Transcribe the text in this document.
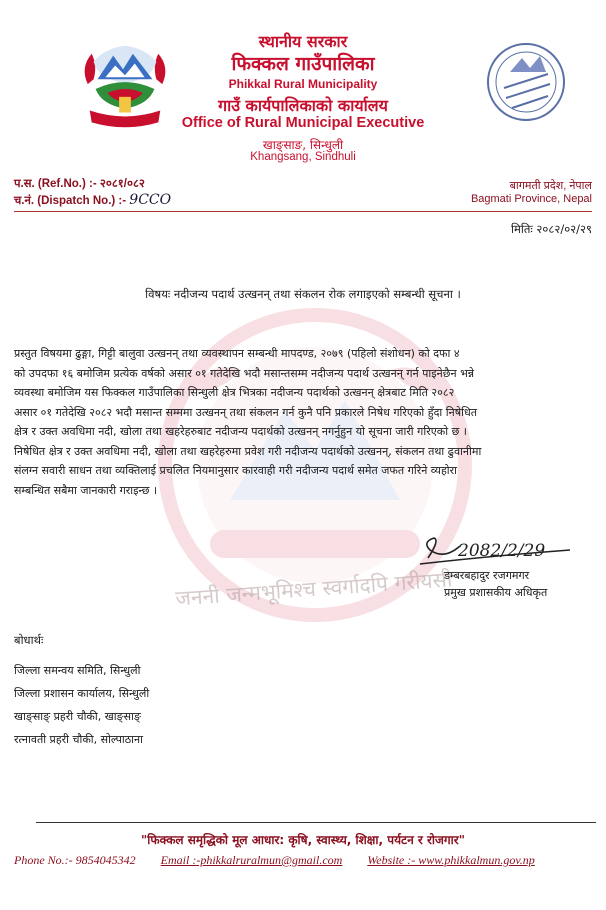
जननी जन्मभूमिश्च स्वर्गादपि गरीयसी
स्थानीय सरकार
फिक्कल गाउँपालिका
Phikkal Rural Municipality
गाउँ कार्यपालिकाको कार्यालय
Office of Rural Municipal Executive
खाङ्साङ, सिन्धुली
Khangsang, Sindhuli
प.स. (Ref.No.) :- २०८१/०८२
च.नं. (Dispatch No.) :- 9CCO
बागमती प्रदेश, नेपाल
Bagmati Province, Nepal
मितिः २०८२/०२/२९
विषयः नदीजन्य पदार्थ उत्खनन् तथा संकलन रोक लगाइएको सम्बन्धी सूचना ।
प्रस्तुत विषयमा ढुङ्गा, गिट्टी बालुवा उत्खनन् तथा व्यवस्थापन सम्बन्धी मापदण्ड, २०७९ (पहिलो संशोधन) को दफा ४
को उपदफा १६ बमोजिम प्रत्येक वर्षको असार ०१ गतेदेखि भदौ मसान्तसम्म नदीजन्य पदार्थ उत्खनन् गर्न पाइनेछैन भन्ने
व्यवस्था बमोजिम यस फिक्कल गाउँपालिका सिन्धुली क्षेत्र भित्रका नदीजन्य पदार्थको उत्खनन् क्षेत्रबाट मिति २०८२
असार ०१ गतेदेखि २०८२ भदौ मसान्त सम्ममा उत्खनन् तथा संकलन गर्न कुनै पनि प्रकारले निषेध गरिएको हुँदा निषेधित
क्षेत्र र उक्त अवधिमा नदी, खोला तथा खहरेहरुबाट नदीजन्य पदार्थको उत्खनन् नगर्नुहुन यो सूचना जारी गरिएको छ ।
निषेधित क्षेत्र र उक्त अवधिमा नदी, खोला तथा खहरेहरुमा प्रवेश गरी नदीजन्य पदार्थको उत्खनन्, संकलन तथा ढुवानीमा
संलग्न सवारी साधन तथा व्यक्तिलाई प्रचलित नियमानुसार कारवाही गरी नदीजन्य पदार्थ समेत जफत गरिने व्यहोरा
सम्बन्धित सबैमा जानकारी गराइन्छ ।
2082/2/29
डम्बरबहादुर रजगमगर
प्रमुख प्रशासकीय अधिकृत
बोधार्थः
जिल्ला समन्वय समिति, सिन्धुली
जिल्ला प्रशासन कार्यालय, सिन्धुली
खाङ्साङ् प्रहरी चौकी, खाङ्साङ्
रत्नावती प्रहरी चौकी, सोल्पाठाना
"फिक्कल समृद्धिको मूल आधार: कृषि, स्वास्थ्य, शिक्षा, पर्यटन र रोजगार"
Phone No.:- 9854045342 Email :-phikkalruralmun@gmail.com Website :- www.phikkalmun.gov.np
